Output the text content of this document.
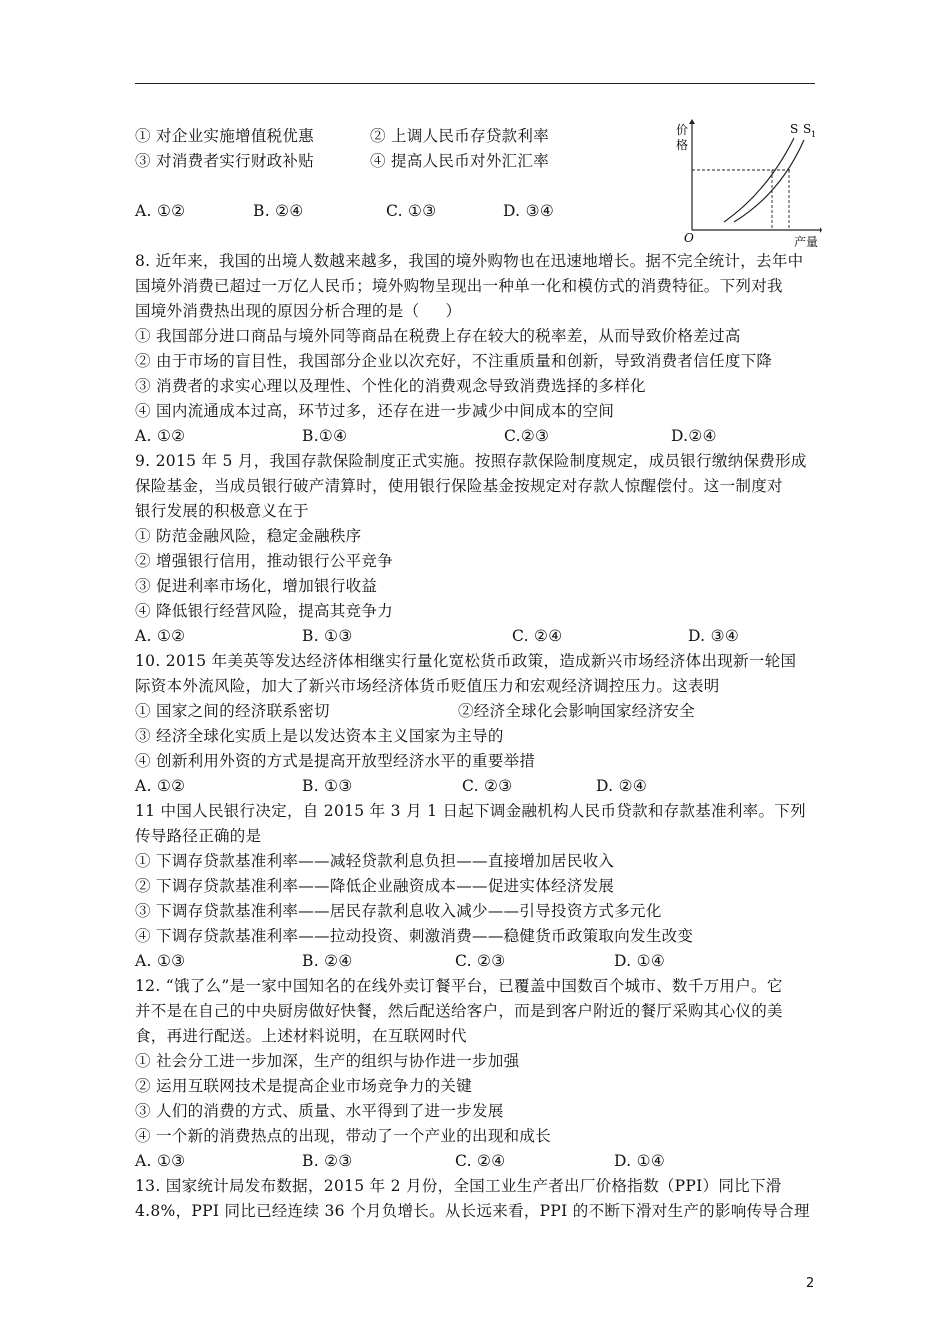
① 对企业实施增值税优惠	② 上调人民币存贷款利率
③ 对消费者实行财政补贴	④ 提高人民币对外汇汇率
A. ①②	B. ②④	C. ①③	D. ③④
价
格
产量
O
S S 1
8. 近年来，我国的出境人数越来越多，我国的境外购物也在迅速地增长。据不完全统计，去年中
国境外消费已超过一万亿人民币；境外购物呈现出一种单一化和模仿式的消费特征。下列对我
国境外消费热出现的原因分析合理的是（     ）
① 我国部分进口商品与境外同等商品在税费上存在较大的税率差，从而导致价格差过高
② 由于市场的盲目性，我国部分企业以次充好，不注重质量和创新，导致消费者信任度下降
③ 消费者的求实心理以及理性、个性化的消费观念导致消费选择的多样化
④ 国内流通成本过高，环节过多，还存在进一步减少中间成本的空间
A. ①②	B.①④	C.②③	D.②④
9. 2015 年 5 月，我国存款保险制度正式实施。按照存款保险制度规定，成员银行缴纳保费形成
保险基金，当成员银行破产清算时，使用银行保险基金按规定对存款人惊醒偿付。这一制度对
银行发展的积极意义在于
① 防范金融风险，稳定金融秩序
② 增强银行信用，推动银行公平竞争
③ 促进利率市场化，增加银行收益
④ 降低银行经营风险，提高其竞争力
A. ①②	B. ①③	C. ②④	D. ③④
10. 2015 年美英等发达经济体相继实行量化宽松货币政策，造成新兴市场经济体出现新一轮国
际资本外流风险，加大了新兴市场经济体货币贬值压力和宏观经济调控压力。这表明
① 国家之间的经济联系密切	②经济全球化会影响国家经济安全
③ 经济全球化实质上是以发达资本主义国家为主导的
④ 创新利用外资的方式是提高开放型经济水平的重要举措
A. ①②	B. ①③	C. ②③	D. ②④
11 中国人民银行决定，自 2015 年 3 月 1 日起下调金融机构人民币贷款和存款基准利率。下列
传导路径正确的是
① 下调存贷款基准利率——减轻贷款利息负担——直接增加居民收入
② 下调存贷款基准利率——降低企业融资成本——促进实体经济发展
③ 下调存贷款基准利率——居民存款利息收入减少——引导投资方式多元化
④ 下调存贷款基准利率——拉动投资、刺激消费——稳健货币政策取向发生改变
A. ①③	B. ②④	C. ②③	D. ①④
12. “饿了么”是一家中国知名的在线外卖订餐平台，已覆盖中国数百个城市、数千万用户。它
并不是在自己的中央厨房做好快餐，然后配送给客户，而是到客户附近的餐厅采购其心仪的美
食，再进行配送。上述材料说明，在互联网时代
① 社会分工进一步加深，生产的组织与协作进一步加强
② 运用互联网技术是提高企业市场竞争力的关键
③ 人们的消费的方式、质量、水平得到了进一步发展
④ 一个新的消费热点的出现，带动了一个产业的出现和成长
A. ①③	B. ②③	C. ②④	D. ①④
13. 国家统计局发布数据，2015 年 2 月份，全国工业生产者出厂价格指数（PPI）同比下滑
4.8%，PPI 同比已经连续 36 个月负增长。从长远来看，PPI 的不断下滑对生产的影响传导合理
2
